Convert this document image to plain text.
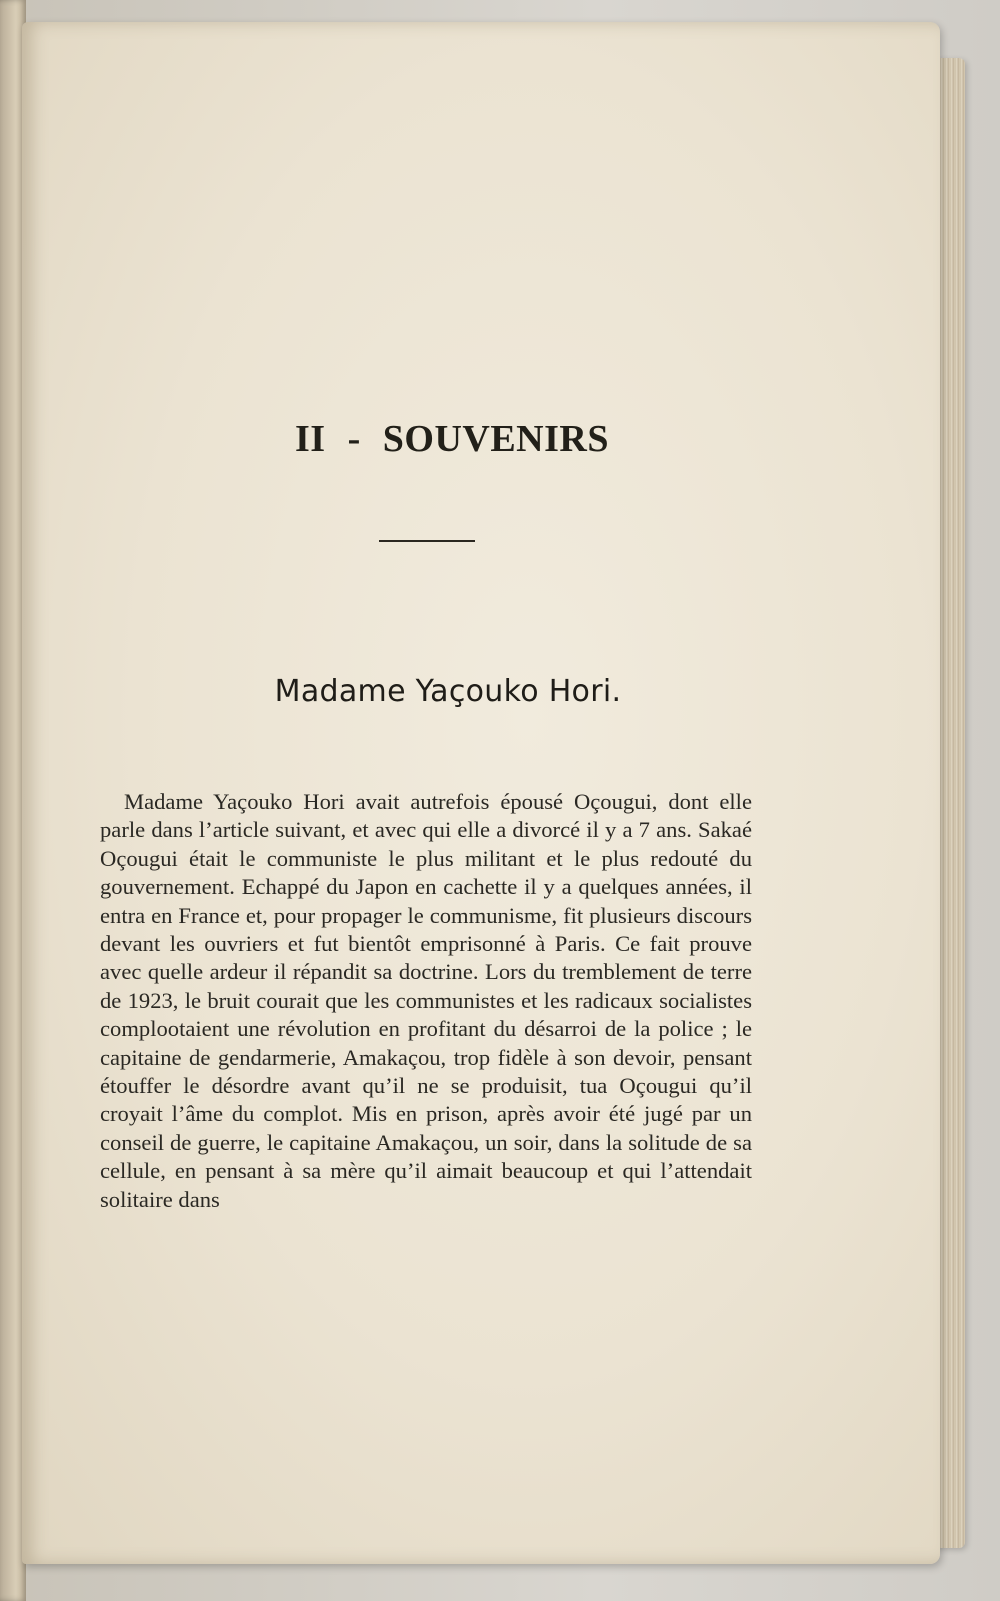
II - SOUVENIRS
Madame Yaçouko Hori.

Madame Yaçouko Hori avait autrefois épousé Oçougui, dont elle parle dans l’article suivant, et avec qui elle a divorcé il y a 7 ans. Sakaé Oçougui était le communiste le plus militant et le plus redouté du gouvernement. Echappé du Japon en cachette il y a quelques années, il entra en France et, pour propager le communisme, fit plusieurs discours devant les ouvriers et fut bientôt emprisonné à Paris. Ce fait prouve avec quelle ardeur il répandit sa doctrine. Lors du tremblement de terre de 1923, le bruit courait que les communistes et les radicaux socialistes complootaient une révolution en profitant du désarroi de la police ; le capitaine de gendarmerie, Amakaçou, trop fidèle à son devoir, pensant étouffer le désordre avant qu’il ne se produisit, tua Oçougui qu’il croyait l’âme du complot. Mis en prison, après avoir été jugé par un conseil de guerre, le capitaine Amakaçou, un soir, dans la solitude de sa cellule, en pensant à sa mère qu’il aimait beaucoup et qui l’attendait solitaire dans
